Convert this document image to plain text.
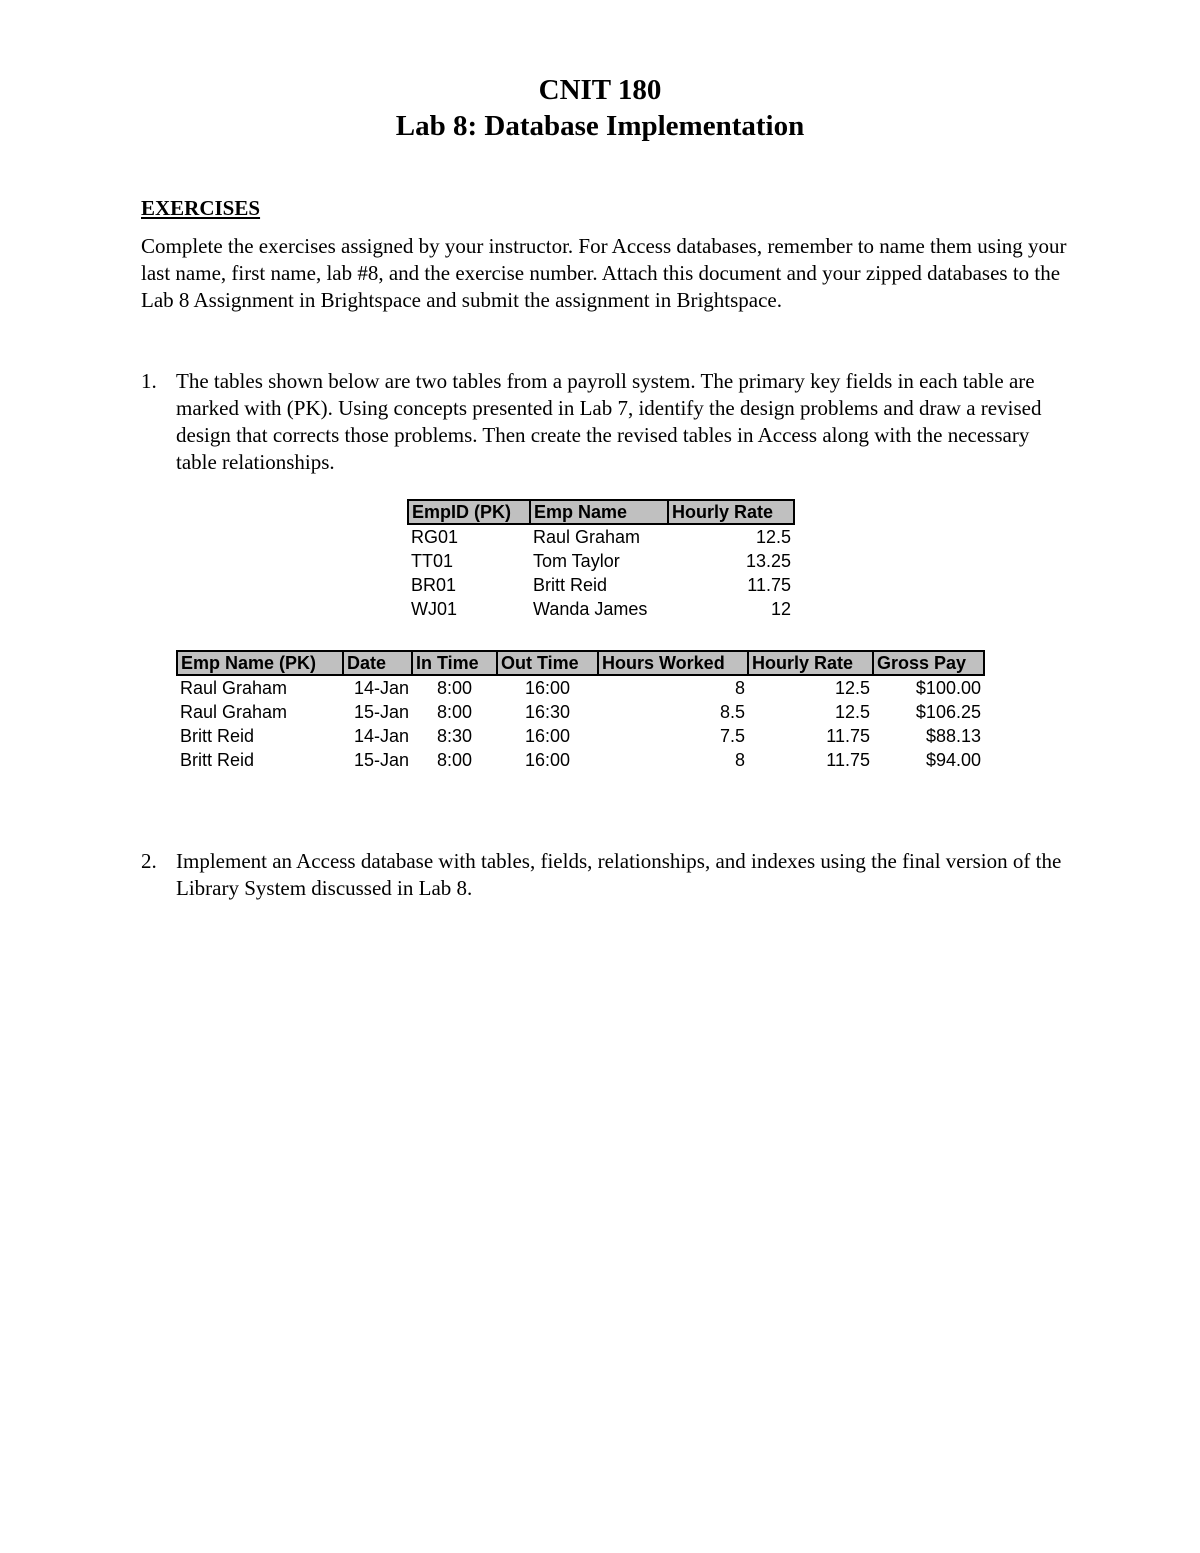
CNIT 180
Lab 8: Database Implementation
EXERCISES
Complete the exercises assigned by your instructor. For Access databases, remember to name them using your last name, first name, lab #8, and the exercise number. Attach this document and your zipped databases to the Lab 8 Assignment in Brightspace and submit the assignment in Brightspace.
1. The tables shown below are two tables from a payroll system. The primary key fields in each table are marked with (PK). Using concepts presented in Lab 7, identify the design problems and draw a revised design that corrects those problems. Then create the revised tables in Access along with the necessary table relationships.
EmpID (PK)	Emp Name	Hourly Rate
RG01	Raul Graham	12.5
TT01	Tom Taylor	13.25
BR01	Britt Reid	11.75
WJ01	Wanda James	12
Emp Name (PK)	Date	In Time	Out Time	Hours Worked	Hourly Rate	Gross Pay
Raul Graham	14-Jan	8:00	16:00	8	12.5	$100.00
Raul Graham	15-Jan	8:00	16:30	8.5	12.5	$106.25
Britt Reid	14-Jan	8:30	16:00	7.5	11.75	$88.13
Britt Reid	15-Jan	8:00	16:00	8	11.75	$94.00
2. Implement an Access database with tables, fields, relationships, and indexes using the final version of the Library System discussed in Lab 8.
